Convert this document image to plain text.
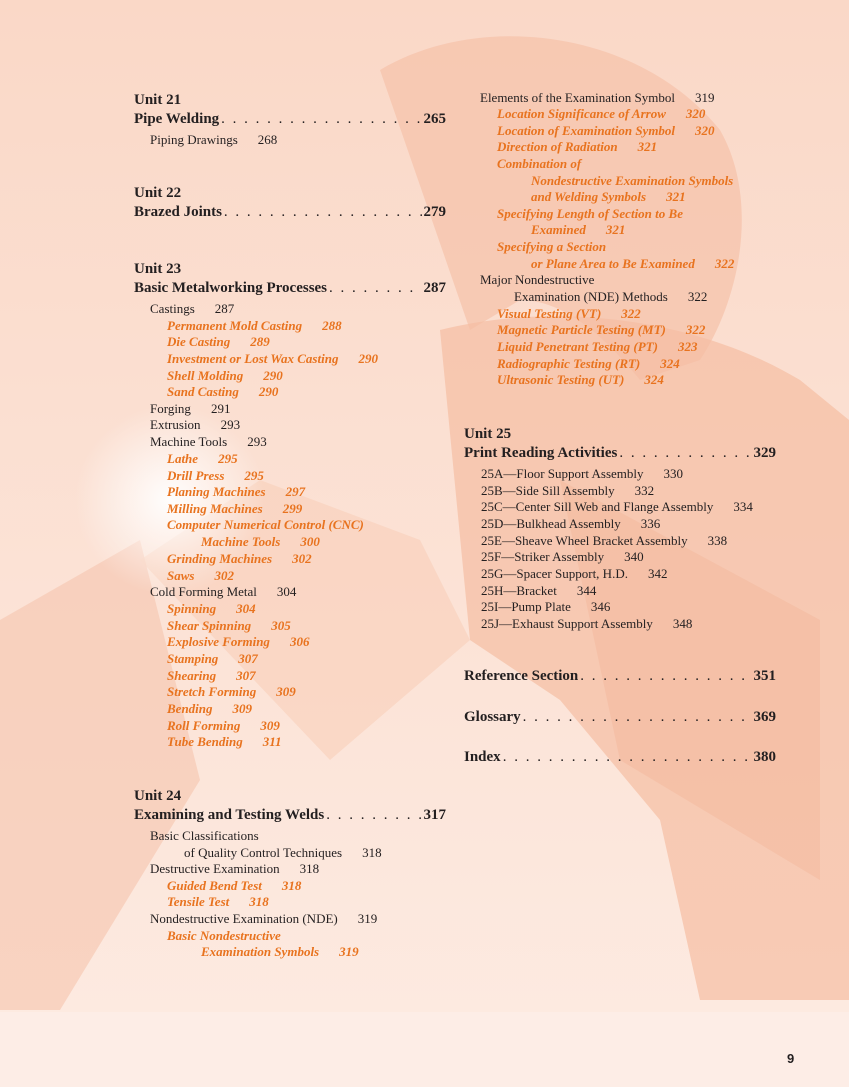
Unit 21
Pipe Welding . . .	265
Piping Drawings 268
Unit 22
Brazed Joints . . .	279
Unit 23
Basic Metalworking Processes . . .	287
Castings 287
Permanent Mold Casting 288
Die Casting 289
Investment or Lost Wax Casting 290
Shell Molding 290
Sand Casting 290
Forging 291
Extrusion 293
Machine Tools 293
Lathe 295
Drill Press 295
Planing Machines 297
Milling Machines 299
Computer Numerical Control (CNC)
Machine Tools 300
Grinding Machines 302
Saws 302
Cold Forming Metal 304
Spinning 304
Shear Spinning 305
Explosive Forming 306
Stamping 307
Shearing 307
Stretch Forming 309
Bending 309
Roll Forming 309
Tube Bending 311
Unit 24
Examining and Testing Welds . . .	317
Basic Classifications
of Quality Control Techniques 318
Destructive Examination 318
Guided Bend Test 318
Tensile Test 318
Nondestructive Examination (NDE) 319
Basic Nondestructive
Examination Symbols 319
Elements of the Examination Symbol 319
Location Significance of Arrow 320
Location of Examination Symbol 320
Direction of Radiation 321
Combination of
Nondestructive Examination Symbols
and Welding Symbols 321
Specifying Length of Section to Be
Examined 321
Specifying a Section
or Plane Area to Be Examined 322
Major Nondestructive
Examination (NDE) Methods 322
Visual Testing (VT) 322
Magnetic Particle Testing (MT) 322
Liquid Penetrant Testing (PT) 323
Radiographic Testing (RT) 324
Ultrasonic Testing (UT) 324
Unit 25
Print Reading Activities . . .	329
25A—Floor Support Assembly 330
25B—Side Sill Assembly 332
25C—Center Sill Web and Flange Assembly 334
25D—Bulkhead Assembly 336
25E—Sheave Wheel Bracket Assembly 338
25F—Striker Assembly 340
25G—Spacer Support, H.D. 342
25H—Bracket 344
25I—Pump Plate 346
25J—Exhaust Support Assembly 348
Reference Section . . .	351
Glossary . . .	369
Index . . .	380
9
